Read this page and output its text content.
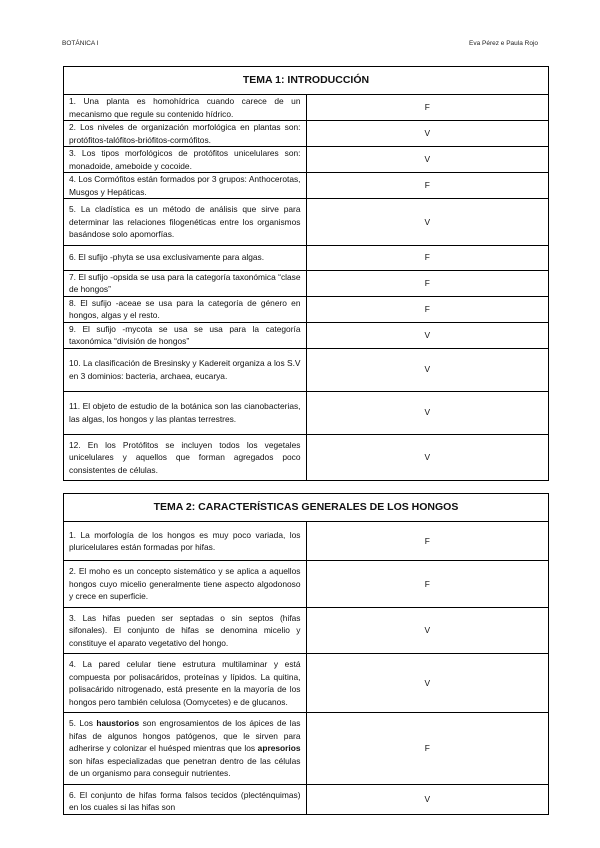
BOTÁNICA I	Eva Pérez e Paula Rojo
TEMA 1: INTRODUCCIÓN	
1. Una planta es homohídrica cuando carece de un mecanismo que regule su contenido hídrico.	F
2. Los niveles de organización morfológica en plantas son: protófitos-talófitos-briófitos-cormófitos.	V
3. Los tipos morfológicos de protófitos unicelulares son: monadoide, ameboide y cocoide.	V
4. Los Cormófitos están formados por 3 grupos: Anthocerotas, Musgos y Hepáticas.	F
5. La cladística es un método de análisis que sirve para determinar las relaciones filogenéticas entre los organismos basándose solo apomorfías.	V
6. El sufijo -phyta se usa exclusivamente para algas.	F
7. El sufijo -opsida se usa para la categoría taxonómica “clase de hongos”	F
8. El sufijo -aceae se usa para la categoría de género en hongos, algas y el resto.	F
9. El sufijo -mycota se usa se usa para la categoría taxonómica “división de hongos”	V
10. La clasificación de Bresinsky y Kadereit organiza a los S.V en 3 dominios: bacteria, archaea, eucarya.	V
11. El objeto de estudio de la botánica son las cianobacterias, las algas, los hongos y las plantas terrestres.	V
12. En los Protófitos se incluyen todos los vegetales unicelulares y aquellos que forman agregados poco consistentes de células.	V
TEMA 2: CARACTERÍSTICAS GENERALES DE LOS HONGOS	
1. La morfología de los hongos es muy poco variada, los pluricelulares están formadas por hifas.	F
2. El moho es un concepto sistemático y se aplica a aquellos hongos cuyo micelio generalmente tiene aspecto algodonoso y crece en superficie.	F
3. Las hifas pueden ser septadas o sin septos (hifas sifonales). El conjunto de hifas se denomina micelio y constituye el aparato vegetativo del hongo.	V
4. La pared celular tiene estrutura multilaminar y está compuesta por polisacáridos, proteínas y lípidos. La quitina, polisacárido nitrogenado, está presente en la mayoría de los hongos pero también celulosa (Oomycetes) e de glucanos.	V
5. Los haustorios son engrosamientos de los ápices de las hifas de algunos hongos patógenos, que le sirven para adherirse y colonizar el huésped mientras que los apresorios son hifas especializadas que penetran dentro de las células de un organismo para conseguir nutrientes.	F
6. El conjunto de hifas forma falsos tecidos (plecténquimas) en los cuales si las hifas son	V
